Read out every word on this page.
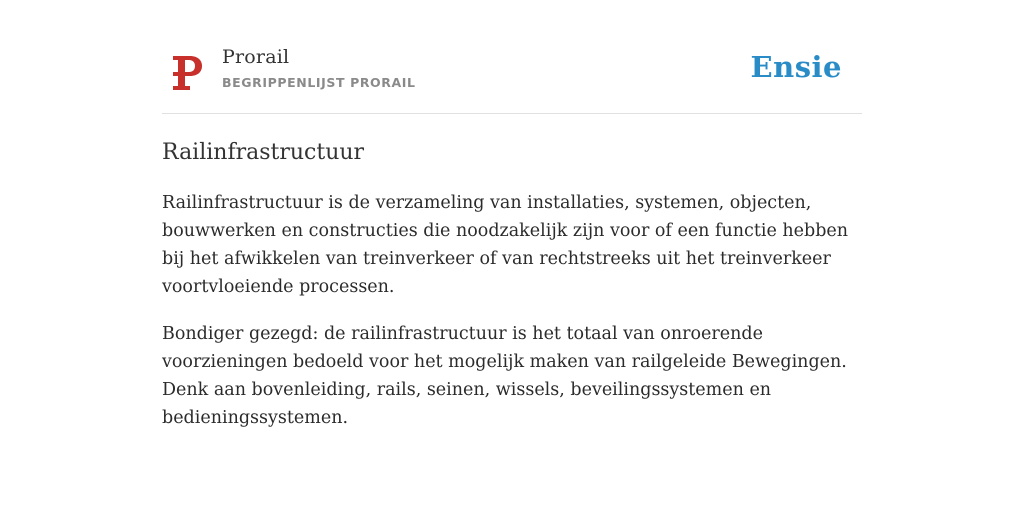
Prorail
BEGRIPPENLIJST PRORAIL	Ensie
Railinfrastructuur

Railinfrastructuur is de verzameling van installaties, systemen, objecten, bouwwerken en constructies die noodzakelijk zijn voor of een functie hebben bij het afwikkelen van treinverkeer of van rechtstreeks uit het treinverkeer voortvloeiende processen.

Bondiger gezegd: de railinfrastructuur is het totaal van onroerende voorzieningen bedoeld voor het mogelijk maken van railgeleide Bewegingen. Denk aan bovenleiding, rails, seinen, wissels, beveilingssystemen en bedieningssystemen.
